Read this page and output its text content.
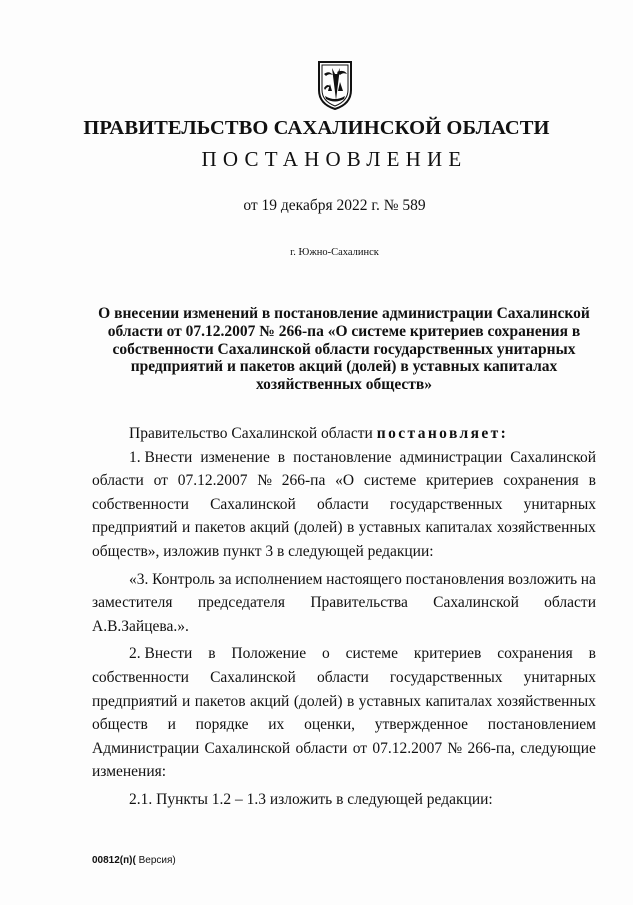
ПРАВИТЕЛЬСТВО САХАЛИНСКОЙ ОБЛАСТИ
ПОСТАНОВЛЕНИЕ
от 19 декабря 2022 г. № 589
г. Южно-Сахалинск
О внесении изменений в постановление администрации Сахалинской
области от 07.12.2007 № 266-па «О системе критериев сохранения в
собственности Сахалинской области государственных унитарных
предприятий и пакетов акций (долей) в уставных капиталах
хозяйственных обществ»

Правительство Сахалинской области постановляет:

1. Внести изменение в постановление администрации Сахалинской

области от 07.12.2007 № 266-па «О системе критериев сохранения в

собственности Сахалинской области государственных унитарных

предприятий и пакетов акций (долей) в уставных капиталах хозяйственных

обществ», изложив пункт 3 в следующей редакции:

«3. Контроль за исполнением настоящего постановления возложить на

заместителя председателя Правительства Сахалинской области

А.В.Зайцева.».

2. Внести в Положение о системе критериев сохранения в

собственности Сахалинской области государственных унитарных

предприятий и пакетов акций (долей) в уставных капиталах хозяйственных

обществ и порядке их оценки, утвержденное постановлением

Администрации Сахалинской области от 07.12.2007 № 266-па, следующие

изменения:

2.1. Пункты 1.2 – 1.3 изложить в следующей редакции:

00812(п)( Версия)
